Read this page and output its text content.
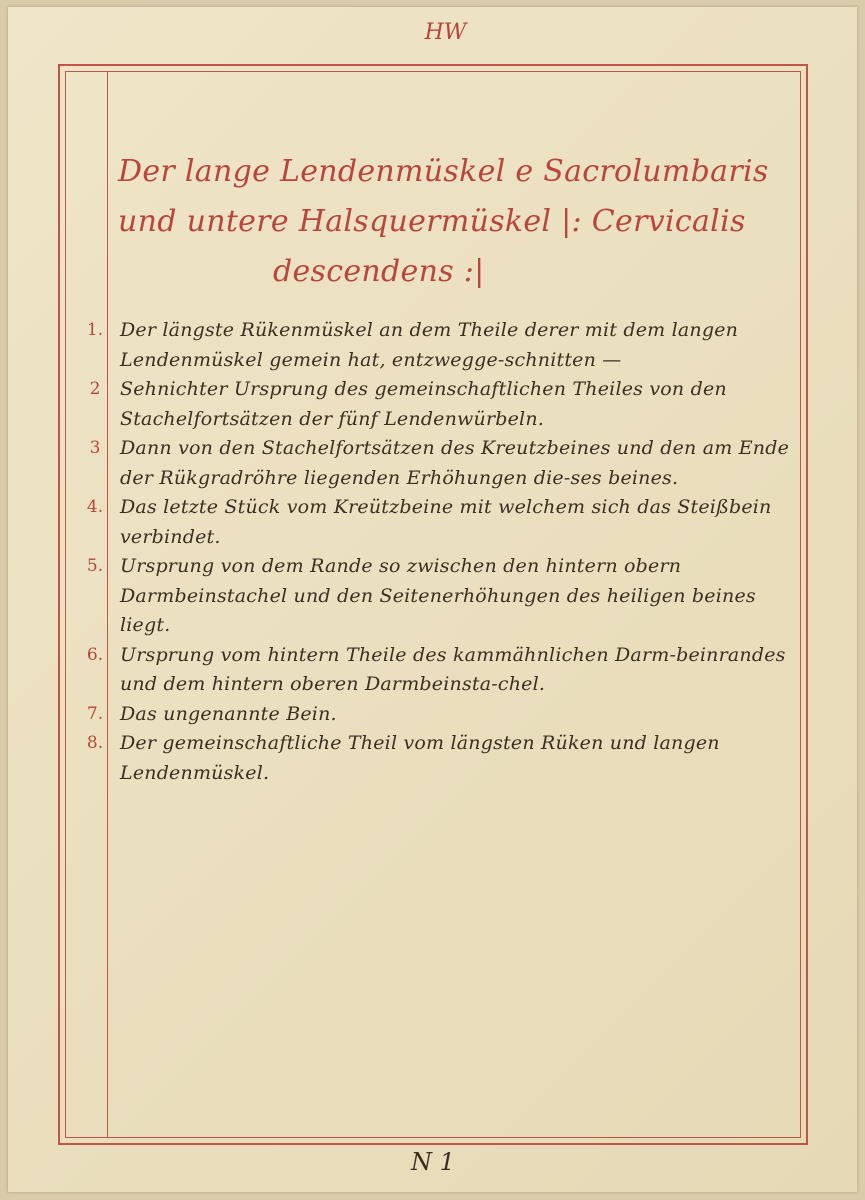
HW
Der lange Lendenmüskel e Sacrolumbaris
und untere Halsquermüskel |: Cervicalis
descendens :|
1. Der längste Rükenmüskel an dem Theile derer mit dem langen Lendenmüskel gemein hat, entzwegge-schnitten —
2	Sehnichter Ursprung des gemeinschaftlichen Theiles von den Stachelfortsätzen der fünf Lendenwürbeln.
3	Dann von den Stachelfortsätzen des Kreutzbeines und den am Ende der Rükgradröhre liegenden Erhöhungen die-ses beines.
4. Das letzte Stück vom Kreützbeine mit welchem sich das Steißbein verbindet.
5. Ursprung von dem Rande so zwischen den hintern obern Darmbeinstachel und den Seitenerhöhungen des heiligen beines liegt.
6. Ursprung vom hintern Theile des kammähnlichen Darm-beinrandes und dem hintern oberen Darmbeinsta-chel.
7. Das ungenannte Bein.
8. Der gemeinschaftliche Theil vom längsten Rüken und langen Lendenmüskel.
N 1
